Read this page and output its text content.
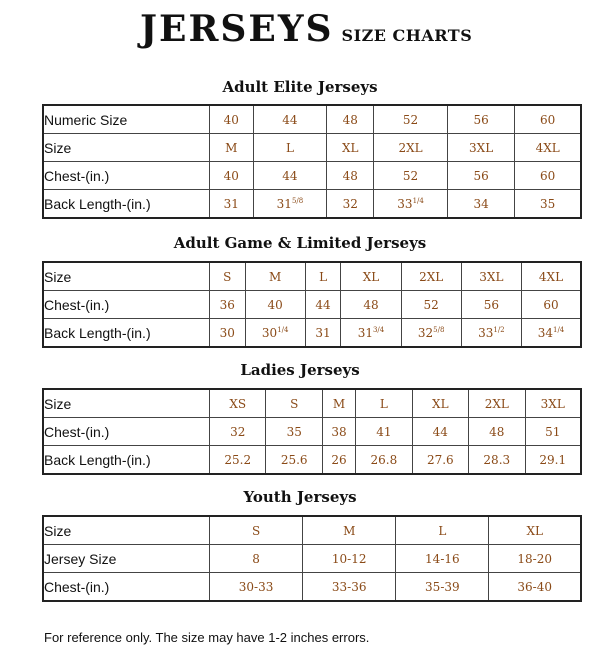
JERSEYS SIZE CHARTS
Adult Elite Jerseys
Numeric Size	40	44	48	52	56	60
Size	M	L	XL	2XL	3XL	4XL
Chest-(in.)	40	44	48	52	56	60
Back Length-(in.)	31	$31^{5/8}$	32	$33^{1/4}$	34	35
Adult Game & Limited Jerseys
Size	S	M	L	XL	2XL	3XL	4XL
Chest-(in.)	36	40	44	48	52	56	60
Back Length-(in.)	30	$30^{1/4}$	31	$31^{3/4}$	$32^{5/8}$	$33^{1/2}$	$34^{1/4}$
Ladies Jerseys
Size	XS	S	M	L	XL	2XL	3XL
Chest-(in.)	32	35	38	41	44	48	51
Back Length-(in.)	25.2	25.6	26	26.8	27.6	28.3	29.1
Youth Jerseys
Size	S	M	L	XL
Jersey Size	8	10-12	14-16	18-20
Chest-(in.)	30-33	33-36	35-39	36-40
For reference only. The size may have 1-2 inches errors.
